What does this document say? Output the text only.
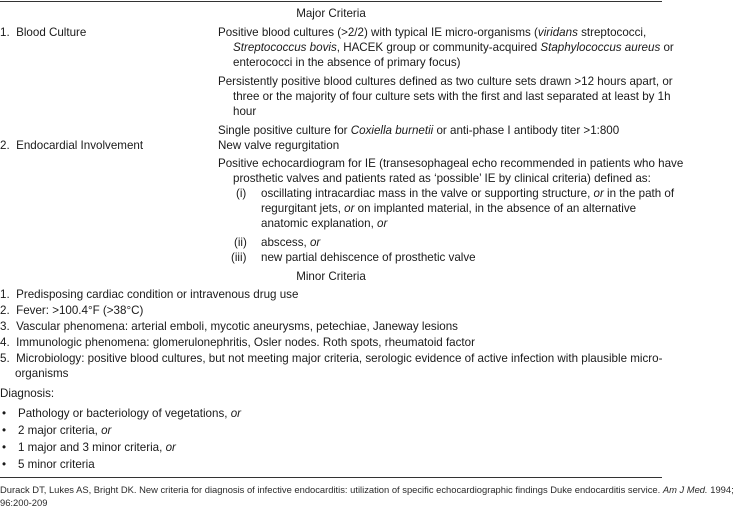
Major Criteria
1.  Blood Culture	Positive blood cultures (>2/2) with typical IE micro-organisms (viridans streptococci,
Streptococcus bovis, HACEK group or community-acquired Staphylococcus aureus or
enterococci in the absence of primary focus)
Persistently positive blood cultures defined as two culture sets drawn >12 hours apart, or
three or the majority of four culture sets with the first and last separated at least by 1h
hour
Single positive culture for Coxiella burnetii or anti-phase I antibody titer >1:800
2.  Endocardial Involvement	New valve regurgitation
Positive echocardiogram for IE (transesophageal echo recommended in patients who have
prosthetic valves and patients rated as ‘possible’ IE by clinical criteria) defined as:
(i) oscillating intracardiac mass in the valve or supporting structure, or in the path of
regurgitant jets, or on implanted material, in the absence of an alternative
anatomic explanation, or
(ii) abscess, or
(iii) new partial dehiscence of prosthetic valve
Minor Criteria
1.  Predisposing cardiac condition or intravenous drug use
2.  Fever: >100.4°F (>38°C)
3.  Vascular phenomena: arterial emboli, mycotic aneurysms, petechiae, Janeway lesions
4.  Immunologic phenomena: glomerulonephritis, Osler nodes. Roth spots, rheumatoid factor
5.  Microbiology: positive blood cultures, but not meeting major criteria, serologic evidence of active infection with plausible micro-
organisms
Diagnosis:
• Pathology or bacteriology of vegetations, or
• 2 major criteria, or
• 1 major and 3 minor criteria, or
• 5 minor criteria
Durack DT, Lukes AS, Bright DK. New criteria for diagnosis of infective endocarditis: utilization of specific echocardiographic findings Duke endocarditis service. Am J Med. 1994;
96:200-209
